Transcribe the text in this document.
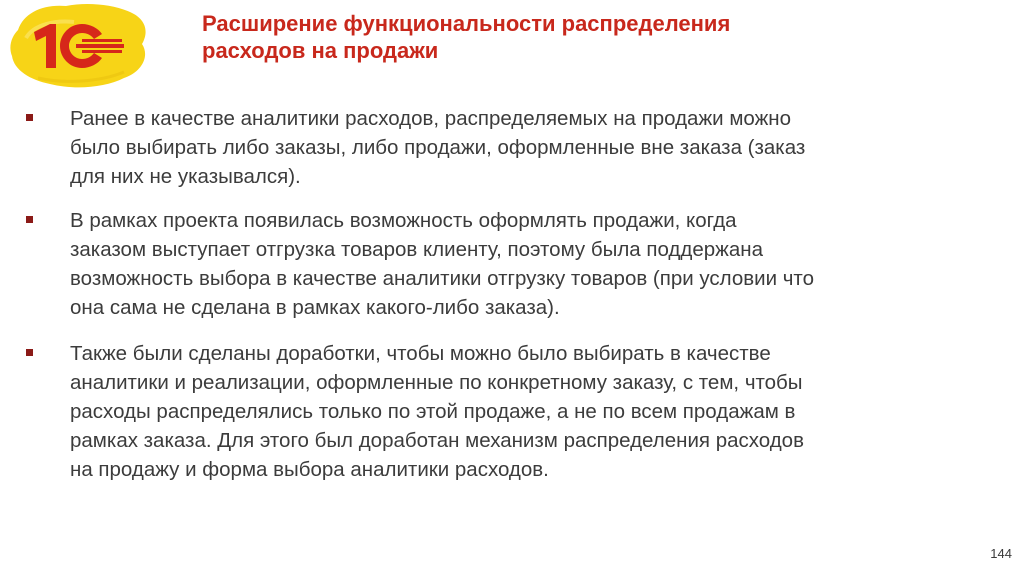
Расширение функциональности распределения
расходов на продажи
Ранее в качестве аналитики расходов, распределяемых на продажи можно
было выбирать либо заказы, либо продажи, оформленные вне заказа (заказ
для них не указывался).
В рамках проекта появилась возможность оформлять продажи, когда
заказом выступает отгрузка товаров клиенту, поэтому была поддержана
возможность выбора в качестве аналитики отгрузку товаров (при условии что
она сама не сделана в рамках какого-либо заказа).
Также были сделаны доработки, чтобы можно было выбирать в качестве
аналитики и реализации, оформленные по конкретному заказу, с тем, чтобы
расходы распределялись только по этой продаже, а не по всем продажам в
рамках заказа. Для этого был доработан механизм распределения расходов
на продажу и форма выбора аналитики расходов.
144
